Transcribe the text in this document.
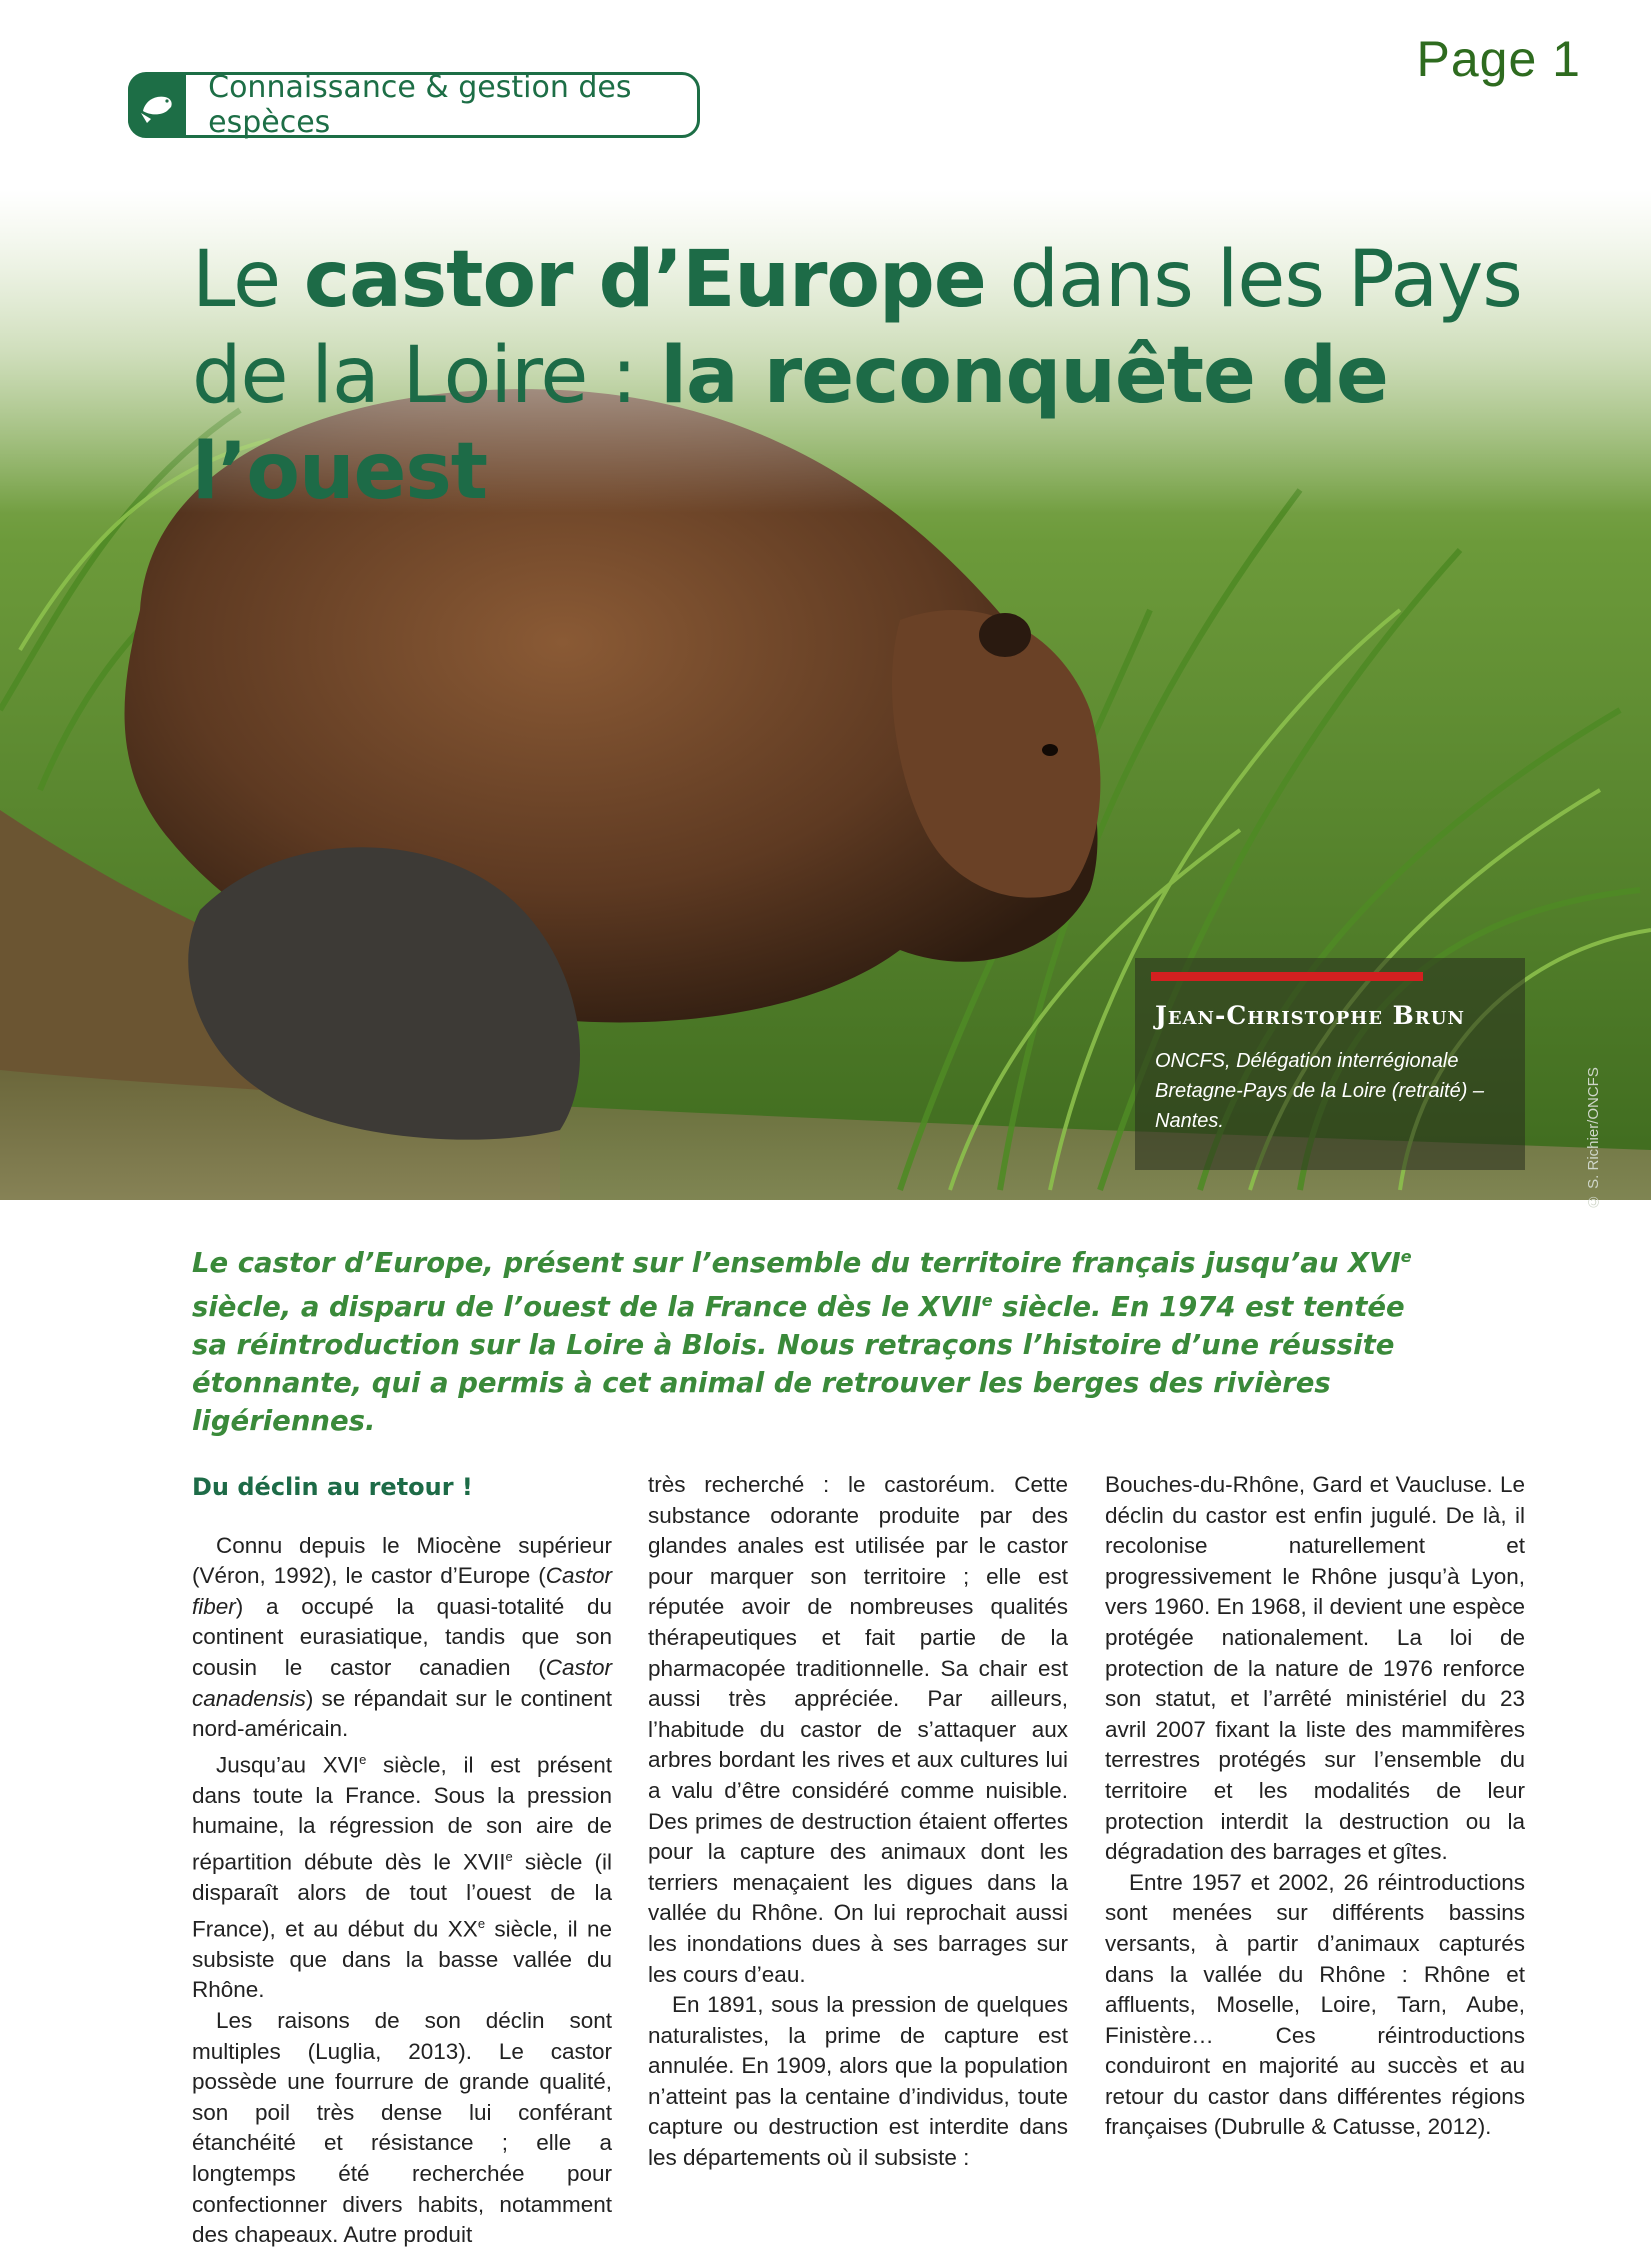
Page 1
Connaissance & gestion des espèces
Le castor d’Europe dans les Pays
de la Loire : la reconquête de l’ouest
Jean-Christophe Brun
ONCFS, Délégation interrégionale Bretagne-Pays de la Loire (retraité) – Nantes.	© S. Richier/ONCFS
Le castor d’Europe, présent sur l’ensemble du territoire français jusqu’au XVIe siècle, a disparu de l’ouest de la France dès le XVIIe siècle. En 1974 est tentée sa réintroduction sur la Loire à Blois. Nous retraçons l’histoire d’une réussite étonnante, qui a permis à cet animal de retrouver les berges des rivières ligériennes.
Du déclin au retour !

Connu depuis le Miocène supérieur (Véron, 1992), le castor d’Europe (Castor fiber) a occupé la quasi-totalité du continent eurasiatique, tandis que son cousin le castor canadien (Castor canadensis) se répandait sur le continent nord-américain.

Jusqu’au XVIe siècle, il est présent dans toute la France. Sous la pression humaine, la régression de son aire de répartition débute dès le XVIIe siècle (il disparaît alors de tout l’ouest de la France), et au début du XXe siècle, il ne subsiste que dans la basse vallée du Rhône.

Les raisons de son déclin sont multiples (Luglia, 2013). Le castor possède une fourrure de grande qualité, son poil très dense lui conférant étanchéité et résistance ; elle a longtemps été recherchée pour confectionner divers habits, notamment des chapeaux. Autre produit

très recherché : le castoréum. Cette substance odorante produite par des glandes anales est utilisée par le castor pour marquer son territoire ; elle est réputée avoir de nombreuses qualités thérapeutiques et fait partie de la pharmacopée traditionnelle. Sa chair est aussi très appréciée. Par ailleurs, l’habitude du castor de s’attaquer aux arbres bordant les rives et aux cultures lui a valu d’être considéré comme nuisible. Des primes de destruction étaient offertes pour la capture des animaux dont les terriers menaçaient les digues dans la vallée du Rhône. On lui reprochait aussi les inondations dues à ses barrages sur les cours d’eau.

En 1891, sous la pression de quelques naturalistes, la prime de capture est annulée. En 1909, alors que la population n’atteint pas la centaine d’individus, toute capture ou destruction est interdite dans les départements où il subsiste :

Bouches-du-Rhône, Gard et Vaucluse. Le déclin du castor est enfin jugulé. De là, il recolonise naturellement et progressivement le Rhône jusqu’à Lyon, vers 1960. En 1968, il devient une espèce protégée nationalement. La loi de protection de la nature de 1976 renforce son statut, et l’arrêté ministériel du 23 avril 2007 fixant la liste des mammifères terrestres protégés sur l’ensemble du territoire et les modalités de leur protection interdit la destruction ou la dégradation des barrages et gîtes.

Entre 1957 et 2002, 26 réintroductions sont menées sur différents bassins versants, à partir d’animaux capturés dans la vallée du Rhône : Rhône et affluents, Moselle, Loire, Tarn, Aube, Finistère… Ces réintroductions conduiront en majorité au succès et au retour du castor dans différentes régions françaises (Dubrulle & Catusse, 2012).
